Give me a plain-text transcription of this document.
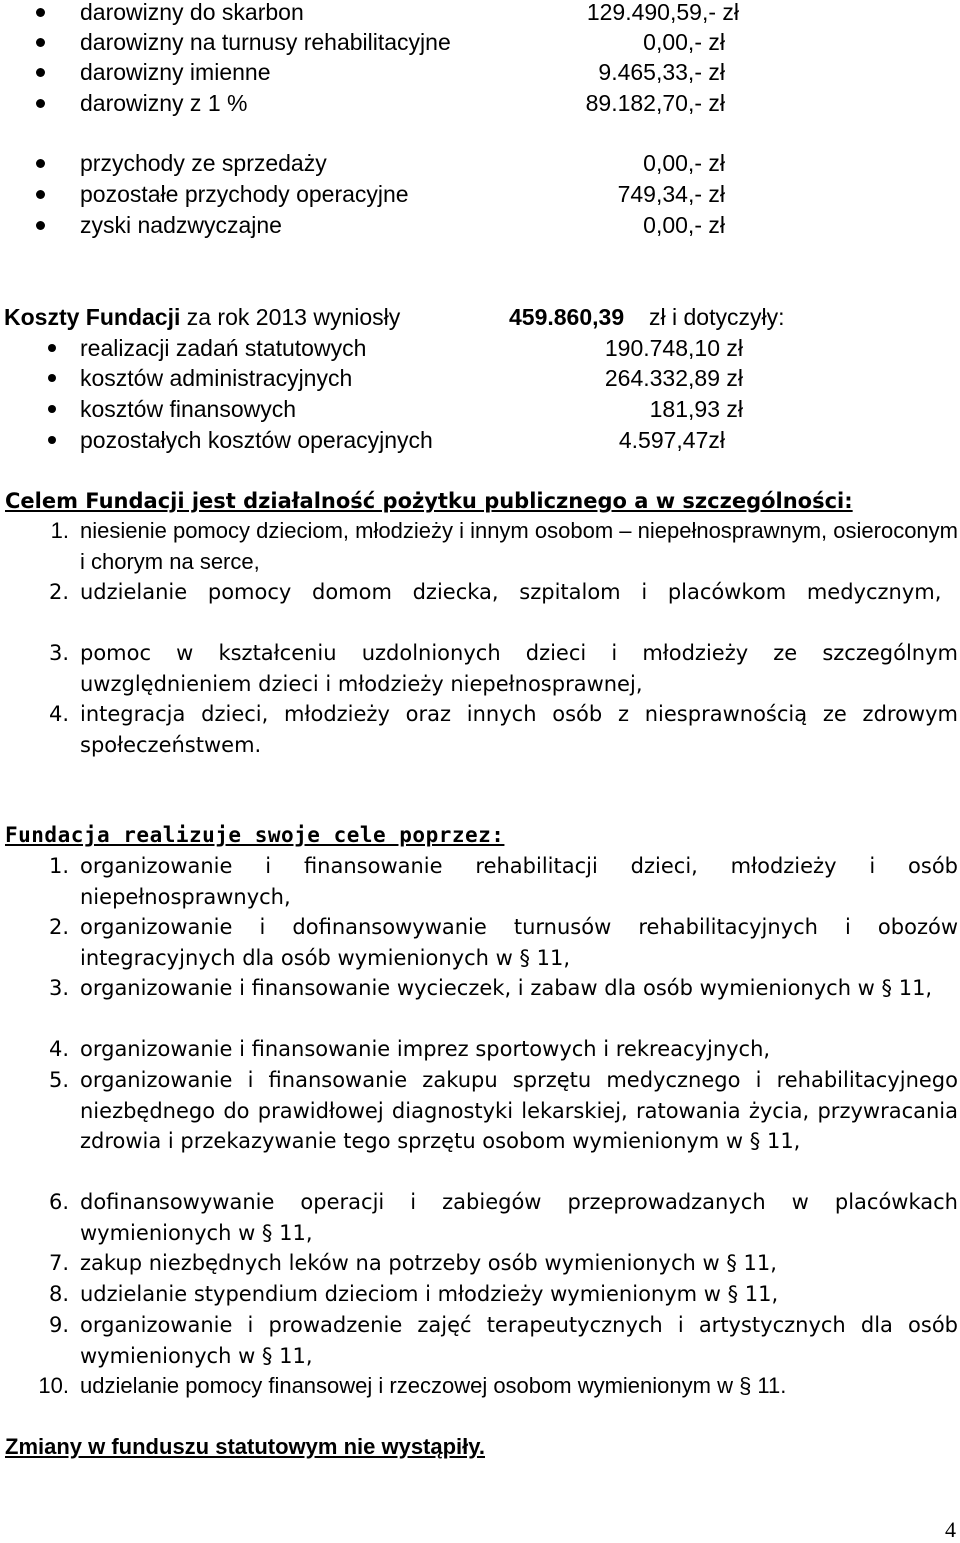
darowizny do skarbon	129.490,59,- zł
darowizny na turnusy rehabilitacyjne	0,00,- zł
darowizny imienne	9.465,33,- zł
darowizny z 1 %	89.182,70,- zł
przychody ze sprzedaży	0,00,- zł
pozostałe przychody operacyjne	749,34,- zł
zyski nadzwyczajne	0,00,- zł
Koszty Fundacji za rok 2013 wyniosły	459.860,39 zł i dotyczyły:
realizacji zadań statutowych	190.748,10 zł
kosztów administracyjnych	264.332,89 zł
kosztów finansowych	181,93 zł
pozostałych kosztów operacyjnych	4.597,47zł
Celem Fundacji jest działalność pożytku publicznego a w szczególności:
1. niesienie pomocy dzieciom, młodzieży i innym osobom – niepełnosprawnym, osieroconym i chorym na serce,
2. udzielanie pomocy domom dziecka, szpitalom i placówkom medycznym,
3. pomoc w kształceniu uzdolnionych dzieci i młodzieży ze szczególnym uwzględnieniem dzieci i młodzieży niepełnosprawnej,
4. integracja dzieci, młodzieży oraz innych osób z niesprawnością ze zdrowym społeczeństwem.
Fundacja realizuje swoje cele poprzez:
1. organizowanie i finansowanie rehabilitacji dzieci, młodzieży i osób niepełnosprawnych,
2. organizowanie i dofinansowywanie turnusów rehabilitacyjnych i obozów integracyjnych dla osób wymienionych w § 11,
3. organizowanie i finansowanie wycieczek, i zabaw dla osób wymienionych w § 11,
4. organizowanie i finansowanie imprez sportowych i rekreacyjnych,
5. organizowanie i finansowanie zakupu sprzętu medycznego i rehabilitacyjnego niezbędnego do prawidłowej diagnostyki lekarskiej, ratowania życia, przywracania zdrowia i przekazywanie tego sprzętu osobom wymienionym w § 11,
6. dofinansowywanie operacji i zabiegów przeprowadzanych w placówkach wymienionych w § 11,
7. zakup niezbędnych leków na potrzeby osób wymienionych w § 11,
8. udzielanie stypendium dzieciom i młodzieży wymienionym w § 11,
9. organizowanie i prowadzenie zajęć terapeutycznych i artystycznych dla osób wymienionych w § 11,
10. udzielanie pomocy finansowej i rzeczowej osobom wymienionym w § 11.
Zmiany w funduszu statutowym nie wystąpiły.
4
